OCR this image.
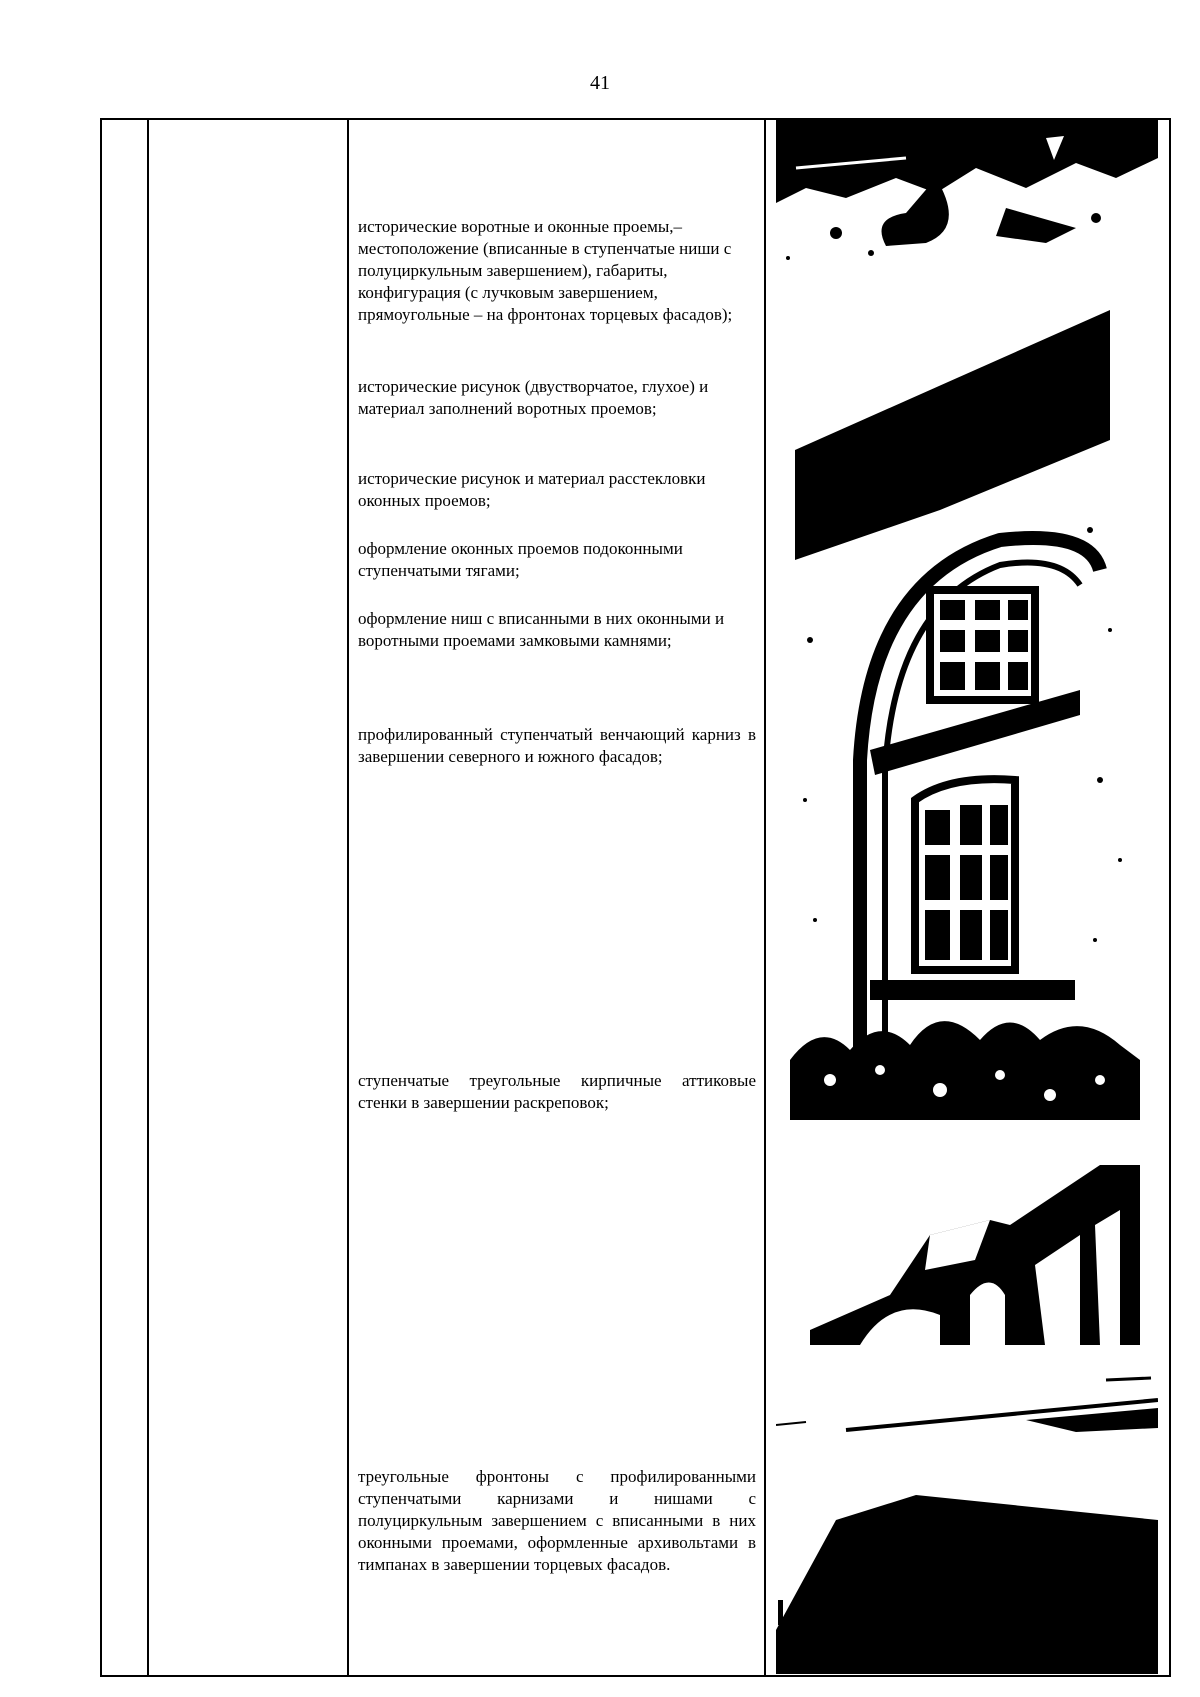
41

исторические воротные и оконные проемы,– местоположение (вписанные в ступенчатые ниши с полуциркульным завершением), габариты, конфигурация (с лучковым завершением, прямоугольные – на фронтонах торцевых фасадов);

исторические рисунок (двустворчатое, глухое) и материал заполнений воротных проемов;

исторические рисунок и материал расстекловки оконных проемов;

оформление оконных проемов подоконными ступенчатыми тягами;

оформление ниш с вписанными в них оконными и воротными проемами замковыми камнями;

профилированный ступенчатый венчающий карниз в завершении северного и южного фасадов;

ступенчатые треугольные кирпичные аттиковые стенки в завершении раскреповок;

треугольные фронтоны с профилированными ступенчатыми карнизами и нишами с полуциркульным завершением с вписанными в них оконными проемами, оформленные архивольтами в тимпанах в завершении торцевых фасадов.
